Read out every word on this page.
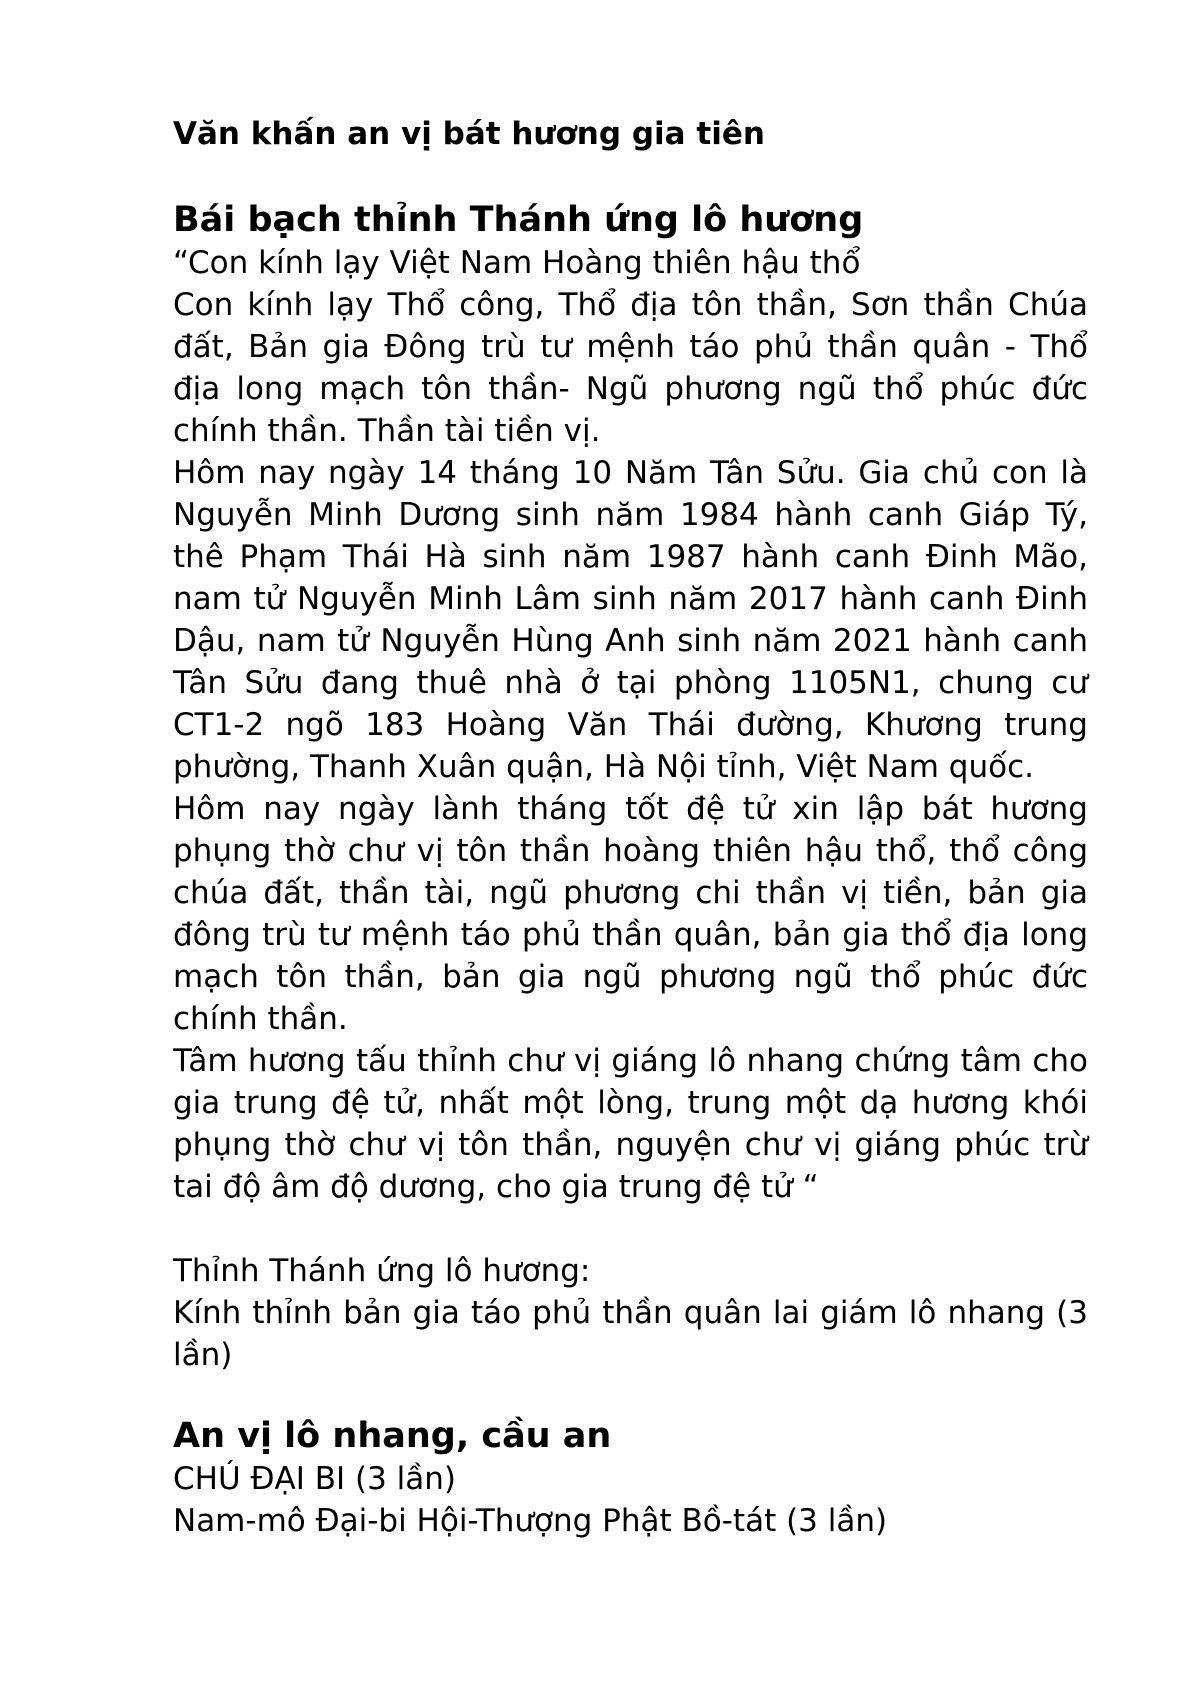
Văn khấn an vị bát hương gia tiên
Bái bạch thỉnh Thánh ứng lô hương

“Con kính lạy Việt Nam Hoàng thiên hậu thổ

Con kính lạy Thổ công, Thổ địa tôn thần, Sơn thần Chúa đất, Bản gia Đông trù tư mệnh táo phủ thần quân - Thổ địa long mạch tôn thần- Ngũ phương ngũ thổ phúc đức chính thần. Thần tài tiền vị.

Hôm nay ngày 14 tháng 10 Năm Tân Sửu. Gia chủ con là Nguyễn Minh Dương sinh năm 1984 hành canh Giáp Tý, thê Phạm Thái Hà sinh năm 1987 hành canh Đinh Mão, nam tử Nguyễn Minh Lâm sinh năm 2017 hành canh Đinh Dậu, nam tử Nguyễn Hùng Anh sinh năm 2021 hành canh Tân Sửu đang thuê nhà ở tại phòng 1105N1, chung cư CT1-2 ngõ 183 Hoàng Văn Thái đường, Khương trung phường, Thanh Xuân quận, Hà Nội tỉnh, Việt Nam quốc.

Hôm nay ngày lành tháng tốt đệ tử xin lập bát hương phụng thờ chư vị tôn thần hoàng thiên hậu thổ, thổ công chúa đất, thần tài, ngũ phương chi thần vị tiền, bản gia đông trù tư mệnh táo phủ thần quân, bản gia thổ địa long mạch tôn thần, bản gia ngũ phương ngũ thổ phúc đức chính thần.

Tâm hương tấu thỉnh chư vị giáng lô nhang chứng tâm cho gia trung đệ tử, nhất một lòng, trung một dạ hương khói phụng thờ chư vị tôn thần, nguyện chư vị giáng phúc trừ tai độ âm độ dương, cho gia trung đệ tử “

Thỉnh Thánh ứng lô hương:

Kính thỉnh bản gia táo phủ thần quân lai giám lô nhang (3 lần)

An vị lô nhang, cầu an

CHÚ ĐẠI BI (3 lần)

Nam-mô Đại-bi Hội-Thượng Phật Bồ-tát (3 lần)
